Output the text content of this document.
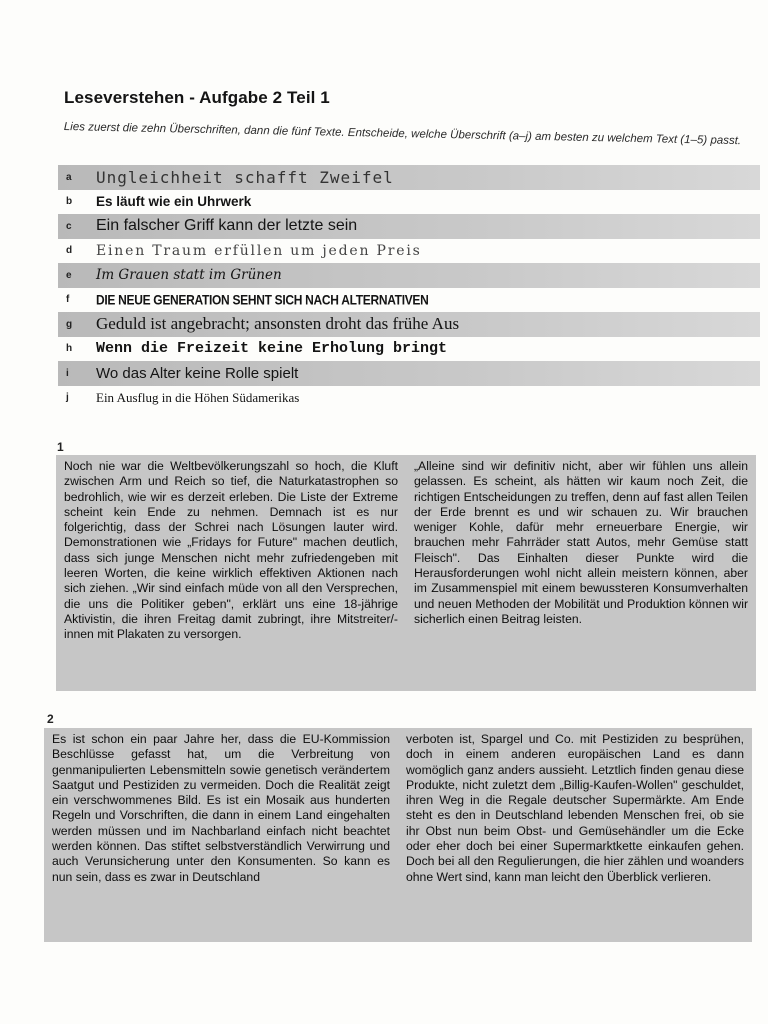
Leseverstehen - Aufgabe 2 Teil 1
Lies zuerst die zehn Überschriften, dann die fünf Texte. Entscheide, welche Überschrift (a–j) am besten zu welchem Text (1–5) passt.
a	Ungleichheit schafft Zweifel
b	Es läuft wie ein Uhrwerk
c	Ein falscher Griff kann der letzte sein
d	Einen Traum erfüllen um jeden Preis
e	Im Grauen statt im Grünen
f	DIE NEUE GENERATION SEHNT SICH NACH ALTERNATIVEN
g	Geduld ist angebracht; ansonsten droht das frühe Aus
h	Wenn die Freizeit keine Erholung bringt
i	Wo das Alter keine Rolle spielt
j	Ein Ausflug in die Höhen Südamerikas
1
Noch nie war die Weltbevölkerungszahl so hoch, die Kluft zwischen Arm und Reich so tief, die Naturkatastrophen so bedrohlich, wie wir es derzeit erleben. Die Liste der Extreme scheint kein Ende zu nehmen. Demnach ist es nur folgerichtig, dass der Schrei nach Lösungen lauter wird. Demonstrationen wie „Fridays for Future" machen deutlich, dass sich junge Menschen nicht mehr zufriedengeben mit leeren Worten, die keine wirklich effektiven Aktionen nach sich ziehen. „Wir sind einfach müde von all den Versprechen, die uns die Politiker geben", erklärt uns eine 18-jährige Aktivistin, die ihren Freitag damit zubringt, ihre Mitstreiter/-innen mit Plakaten zu versorgen.
„Alleine sind wir definitiv nicht, aber wir fühlen uns allein gelassen. Es scheint, als hätten wir kaum noch Zeit, die richtigen Entscheidungen zu treffen, denn auf fast allen Teilen der Erde brennt es und wir schauen zu. Wir brauchen weniger Kohle, dafür mehr erneuerbare Energie, wir brauchen mehr Fahrräder statt Autos, mehr Gemüse statt Fleisch". Das Einhalten dieser Punkte wird die Herausforderungen wohl nicht allein meistern können, aber im Zusammenspiel mit einem bewussteren Konsumverhalten und neuen Methoden der Mobilität und Produktion können wir sicherlich einen Beitrag leisten.
2
Es ist schon ein paar Jahre her, dass die EU-Kommission Beschlüsse gefasst hat, um die Verbreitung von genmanipulierten Lebensmitteln sowie genetisch verändertem Saatgut und Pestiziden zu vermeiden. Doch die Realität zeigt ein verschwommenes Bild. Es ist ein Mosaik aus hunderten Regeln und Vorschriften, die dann in einem Land eingehalten werden müssen und im Nachbarland einfach nicht beachtet werden können. Das stiftet selbstverständlich Verwirrung und auch Verunsicherung unter den Konsumenten. So kann es nun sein, dass es zwar in Deutschland
verboten ist, Spargel und Co. mit Pestiziden zu besprühen, doch in einem anderen europäischen Land es dann womöglich ganz anders aussieht. Letztlich finden genau diese Produkte, nicht zuletzt dem „Billig-Kaufen-Wollen" geschuldet, ihren Weg in die Regale deutscher Supermärkte. Am Ende steht es den in Deutschland lebenden Menschen frei, ob sie ihr Obst nun beim Obst- und Gemüsehändler um die Ecke oder eher doch bei einer Supermarktkette einkaufen gehen. Doch bei all den Regulierungen, die hier zählen und woanders ohne Wert sind, kann man leicht den Überblick verlieren.
